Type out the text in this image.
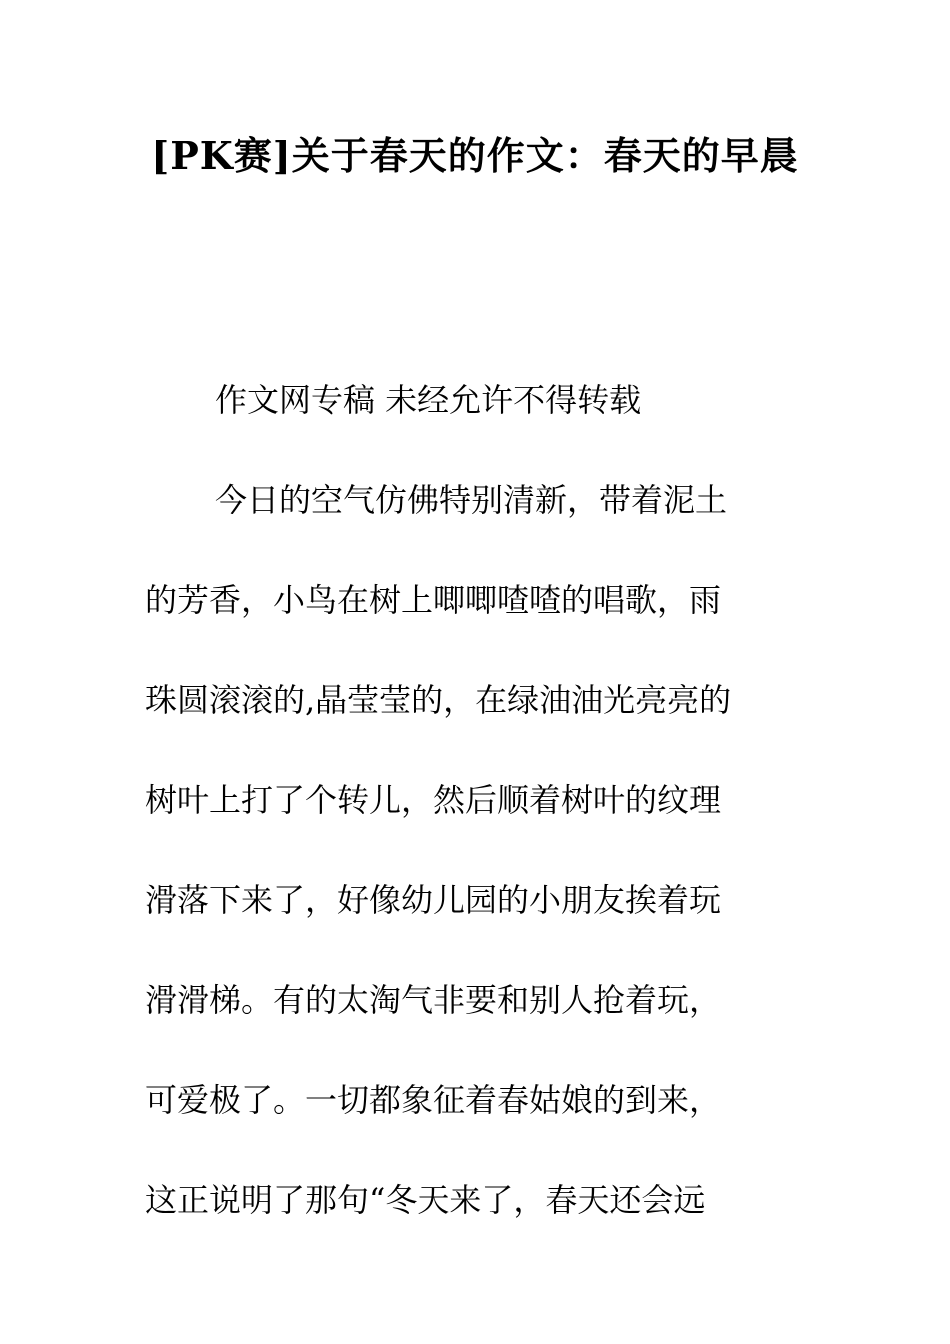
[PK赛]关于春天的作文：春天的早晨

作文网专稿 未经允许不得转载

今日的空气仿佛特别清新，带着泥土

的芳香，小鸟在树上唧唧喳喳的唱歌，雨

珠圆滚滚的,晶莹莹的，在绿油油光亮亮的

树叶上打了个转儿，然后顺着树叶的纹理

滑落下来了，好像幼儿园的小朋友挨着玩

滑滑梯。有的太淘气非要和别人抢着玩，

可爱极了。一切都象征着春姑娘的到来，

这正说明了那句“冬天来了，春天还会远
